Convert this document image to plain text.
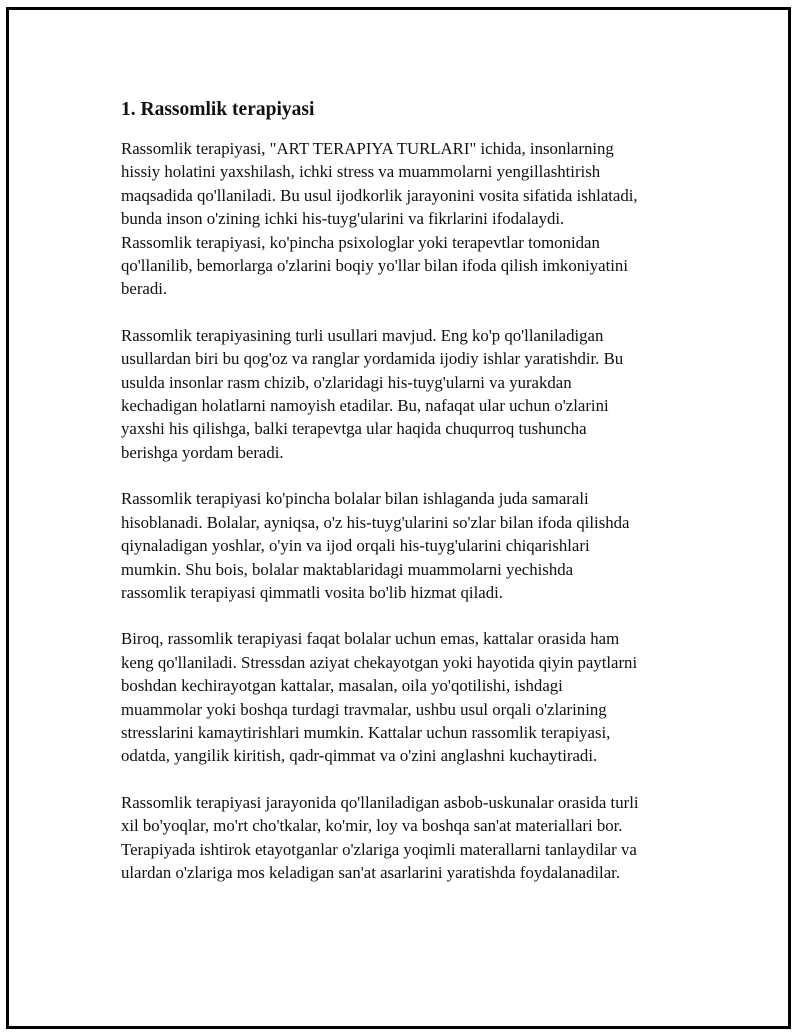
1. Rassomlik terapiyasi

Rassomlik terapiyasi, "ART TERAPIYA TURLARI" ichida, insonlarning
hissiy holatini yaxshilash, ichki stress va muammolarni yengillashtirish
maqsadida qo'llaniladi. Bu usul ijodkorlik jarayonini vosita sifatida ishlatadi,
bunda inson o'zining ichki his-tuyg'ularini va fikrlarini ifodalaydi.
Rassomlik terapiyasi, ko'pincha psixologlar yoki terapevtlar tomonidan
qo'llanilib, bemorlarga o'zlarini boqiy yo'llar bilan ifoda qilish imkoniyatini
beradi.

Rassomlik terapiyasining turli usullari mavjud. Eng ko'p qo'llaniladigan
usullardan biri bu qog'oz va ranglar yordamida ijodiy ishlar yaratishdir. Bu
usulda insonlar rasm chizib, o'zlaridagi his-tuyg'ularni va yurakdan
kechadigan holatlarni namoyish etadilar. Bu, nafaqat ular uchun o'zlarini
yaxshi his qilishga, balki terapevtga ular haqida chuqurroq tushuncha
berishga yordam beradi.

Rassomlik terapiyasi ko'pincha bolalar bilan ishlaganda juda samarali
hisoblanadi. Bolalar, ayniqsa, o'z his-tuyg'ularini so'zlar bilan ifoda qilishda
qiynaladigan yoshlar, o'yin va ijod orqali his-tuyg'ularini chiqarishlari
mumkin. Shu bois, bolalar maktablaridagi muammolarni yechishda
rassomlik terapiyasi qimmatli vosita bo'lib hizmat qiladi.

Biroq, rassomlik terapiyasi faqat bolalar uchun emas, kattalar orasida ham
keng qo'llaniladi. Stressdan aziyat chekayotgan yoki hayotida qiyin paytlarni
boshdan kechirayotgan kattalar, masalan, oila yo'qotilishi, ishdagi
muammolar yoki boshqa turdagi travmalar, ushbu usul orqali o'zlarining
stresslarini kamaytirishlari mumkin. Kattalar uchun rassomlik terapiyasi,
odatda, yangilik kiritish, qadr-qimmat va o'zini anglashni kuchaytiradi.

Rassomlik terapiyasi jarayonida qo'llaniladigan asbob-uskunalar orasida turli
xil bo'yoqlar, mo'rt cho'tkalar, ko'mir, loy va boshqa san'at materiallari bor.
Terapiyada ishtirok etayotganlar o'zlariga yoqimli materallarni tanlaydilar va
ulardan o'zlariga mos keladigan san'at asarlarini yaratishda foydalanadilar.
